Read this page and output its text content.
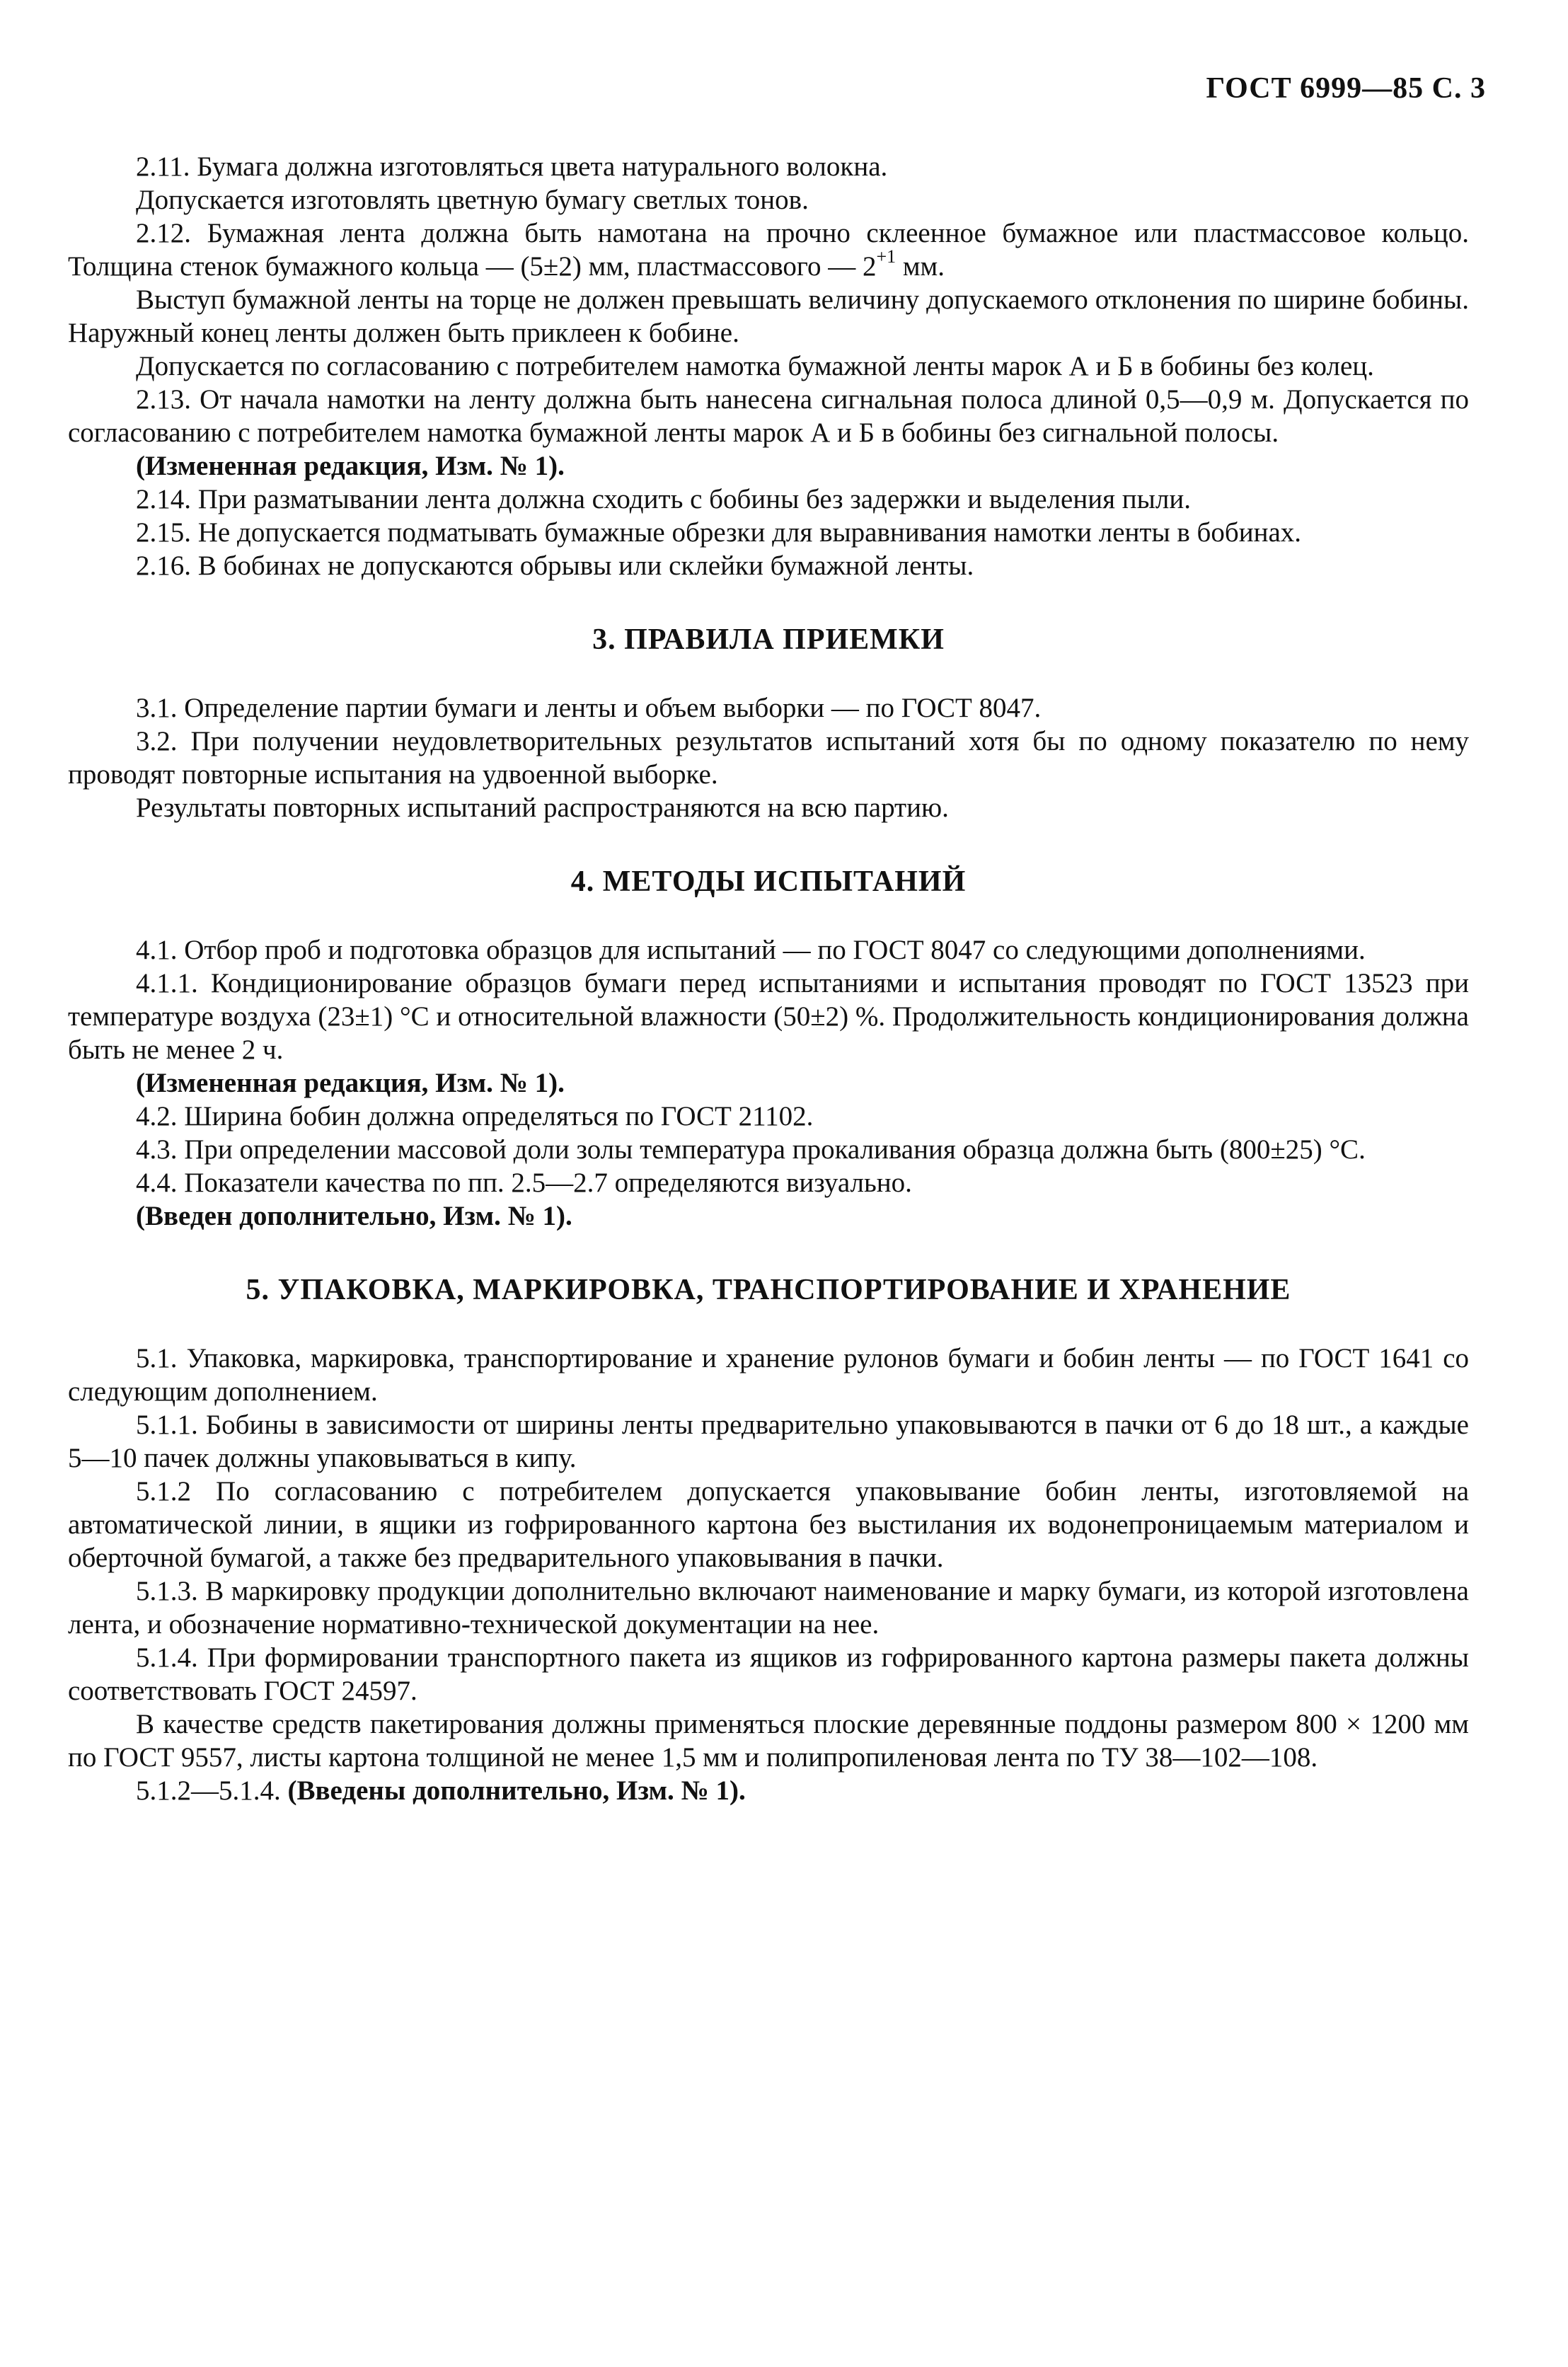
ГОСТ 6999—85 С. 3

2.11. Бумага должна изготовляться цвета натурального волокна.

Допускается изготовлять цветную бумагу светлых тонов.

2.12. Бумажная лента должна быть намотана на прочно склеенное бумажное или пластмассовое кольцо. Толщина стенок бумажного кольца — (5±2) мм, пластмассового — $2^{+1}$ мм.

Выступ бумажной ленты на торце не должен превышать величину допускаемого отклонения по ширине бобины. Наружный конец ленты должен быть приклеен к бобине.

Допускается по согласованию с потребителем намотка бумажной ленты марок А и Б в бобины без колец.

2.13. От начала намотки на ленту должна быть нанесена сигнальная полоса длиной 0,5—0,9 м. Допускается по согласованию с потребителем намотка бумажной ленты марок А и Б в бобины без сигнальной полосы.

(Измененная редакция, Изм. № 1).

2.14. При разматывании лента должна сходить с бобины без задержки и выделения пыли.

2.15. Не допускается подматывать бумажные обрезки для выравнивания намотки ленты в бобинах.

2.16. В бобинах не допускаются обрывы или склейки бумажной ленты.

3. ПРАВИЛА ПРИЕМКИ

3.1. Определение партии бумаги и ленты и объем выборки — по ГОСТ 8047.

3.2. При получении неудовлетворительных результатов испытаний хотя бы по одному показателю по нему проводят повторные испытания на удвоенной выборке.

Результаты повторных испытаний распространяются на всю партию.

4. МЕТОДЫ ИСПЫТАНИЙ

4.1. Отбор проб и подготовка образцов для испытаний — по ГОСТ 8047 со следующими дополнениями.

4.1.1. Кондиционирование образцов бумаги перед испытаниями и испытания проводят по ГОСТ 13523 при температуре воздуха (23±1) °С и относительной влажности (50±2) %. Продолжительность кондиционирования должна быть не менее 2 ч.

(Измененная редакция, Изм. № 1).

4.2. Ширина бобин должна определяться по ГОСТ 21102.

4.3. При определении массовой доли золы температура прокаливания образца должна быть (800±25) °С.

4.4. Показатели качества по пп. 2.5—2.7 определяются визуально.

(Введен дополнительно, Изм. № 1).

5. УПАКОВКА, МАРКИРОВКА, ТРАНСПОРТИРОВАНИЕ И ХРАНЕНИЕ

5.1. Упаковка, маркировка, транспортирование и хранение рулонов бумаги и бобин ленты — по ГОСТ 1641 со следующим дополнением.

5.1.1. Бобины в зависимости от ширины ленты предварительно упаковываются в пачки от 6 до 18 шт., а каждые 5—10 пачек должны упаковываться в кипу.

5.1.2 По согласованию с потребителем допускается упаковывание бобин ленты, изготовляемой на автоматической линии, в ящики из гофрированного картона без выстилания их водонепроницаемым материалом и оберточной бумагой, а также без предварительного упаковывания в пачки.

5.1.3. В маркировку продукции дополнительно включают наименование и марку бумаги, из которой изготовлена лента, и обозначение нормативно-технической документации на нее.

5.1.4. При формировании транспортного пакета из ящиков из гофрированного картона размеры пакета должны соответствовать ГОСТ 24597.

В качестве средств пакетирования должны применяться плоские деревянные поддоны размером 800 × 1200 мм по ГОСТ 9557, листы картона толщиной не менее 1,5 мм и полипропиленовая лента по ТУ 38—102—108.

5.1.2—5.1.4. (Введены дополнительно, Изм. № 1).
